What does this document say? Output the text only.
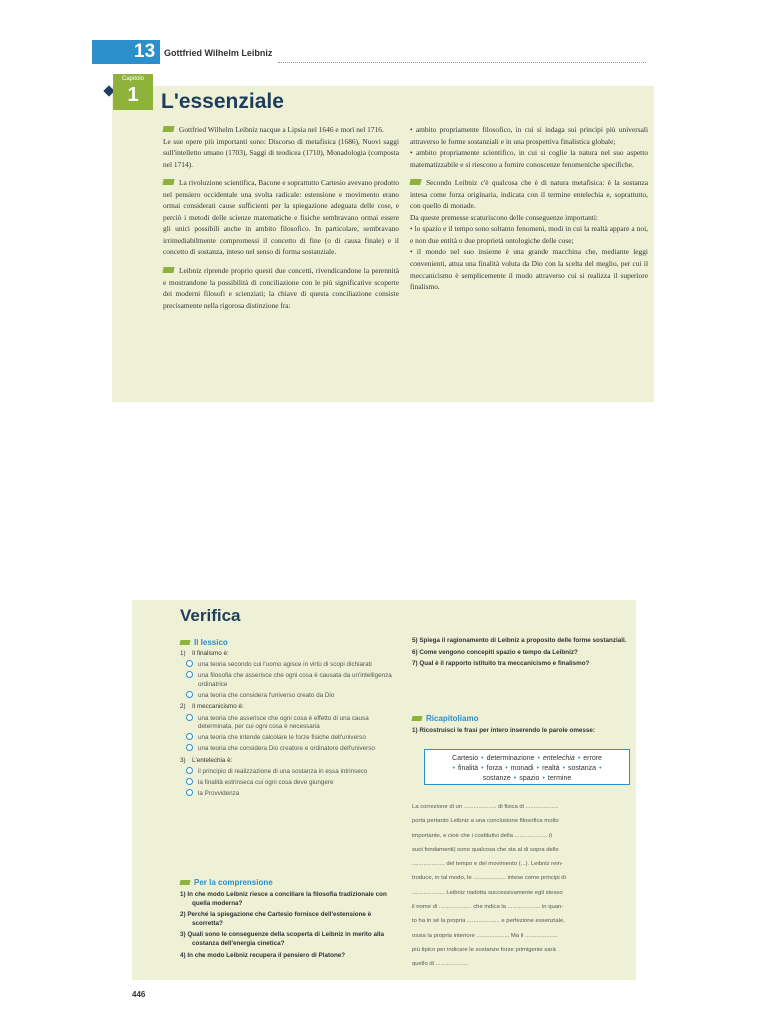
13 Gottfried Wilhelm Leibniz
Capitolo
1	L'essenziale

Gottfried Wilhelm Leibniz nacque a Lipsia nel 1646 e morì nel 1716.

Le sue opere più importanti sono: Discorso di metafisica (1686), Nuovi saggi sull'intelletto umano (1703), Saggi di teodicea (1710), Monadologia (composta nel 1714).

La rivoluzione scientifica, Bacone e soprattutto Cartesio avevano prodotto nel pensiero occidentale una svolta radicale: estensione e movimento erano ormai considerati cause sufficienti per la spiegazione adeguata delle cose, e perciò i metodi delle scienze matematiche e fisiche sembravano ormai essere gli unici possibili anche in ambito filosofico. In particolare, sembravano irrimediabilmente compromessi il concetto di fine (o di causa finale) e il concetto di sostanza, inteso nel senso di forma sostanziale.

Leibniz riprende proprio questi due concetti, rivendicandone la perennità e mostrandone la possibilità di conciliazione con le più significative scoperte dei moderni filosofi e scienziati; la chiave di questa conciliazione consiste precisamente nella rigorosa distinzione fra:

• ambito propriamente filosofico, in cui si indaga sui principi più universali attraverso le forme sostanziali e in una prospettiva finalistica globale;

• ambito propriamente scientifico, in cui si coglie la natura nel suo aspetto matematizzabile e si riescono a fornire conoscenze fenomeniche specifiche.

Secondo Leibniz c'è qualcosa che è di natura metafisica: è la sostanza intesa come forza originaria, indicata con il termine entelechia e, soprattutto, con quello di monade.

Da queste premesse scaturiscono delle conseguenze importanti:

• lo spazio e il tempo sono soltanto fenomeni, modi in cui la realtà appare a noi, e non due entità o due proprietà ontologiche delle cose;

• il mondo nel suo insieme è una grande macchina che, mediante leggi convenienti, attua una finalità voluta da Dio con la scelta del meglio, per cui il meccanicismo è semplicemente il modo attraverso cui si realizza il superiore finalismo.

Verifica
Il lessico

1) Il finalismo è:

una teoria secondo cui l'uomo agisce in virtù di scopi dichiarati

una filosofia che asserisce che ogni cosa è causata da un'intelligenza ordinatrice

una teoria che considera l'universo creato da Dio

2) Il meccanicismo è:

una teoria che asserisce che ogni cosa è effetto di una causa determinata, per cui ogni cosa è necessaria

una teoria che intende calcolare le forze fisiche dell'universo

una teoria che considera Dio creatore e ordinatore dell'universo

3) L'entelechia è:

il principio di realizzazione di una sostanza in essa intrinseco

la finalità estrinseca cui ogni cosa deve giungere

la Provvidenza

Per la comprensione

1) In che modo Leibniz riesce a conciliare la filosofia tradizionale con quella moderna?

2) Perché la spiegazione che Cartesio fornisce dell'estensione è scorretta?

3) Quali sono le conseguenze della scoperta di Leibniz in merito alla costanza dell'energia cinetica?

4) In che modo Leibniz recupera il pensiero di Platone?

5) Spiega il ragionamento di Leibniz a proposito delle forme sostanziali.

6) Come vengono concepiti spazio e tempo da Leibniz?

7) Qual è il rapporto istituito tra meccanicismo e finalismo?

Ricapitoliamo

1) Ricostruisci le frasi per intero inserendo le parole omesse:

Cartesio • determinazione • entelechia • errore
• finalità • forza • monadi • realtà • sostanza •
sostanze • spazio • termine

La correzione di un .................... di fisica di ....................

porta pertanto Leibniz a una conclusione filosofica molto

importante, e cioè che i costitutivi della .................... (i

suoi fondamenti) sono qualcosa che sta al di sopra dello

.................... del tempo e del movimento (...). Leibniz rein-

troduce, in tal modo, le .................... intese come principi di

.................... Leibniz riadotta successivamente egli stesso

il nome di .................... che indica la .................... in quan-

to ha in sé la propria .................... e perfezione essenziale,

ossia la propria interiore .................... Ma il ....................

più tipico per indicare le sostanze forze primigenie sarà

quello di ....................

446
